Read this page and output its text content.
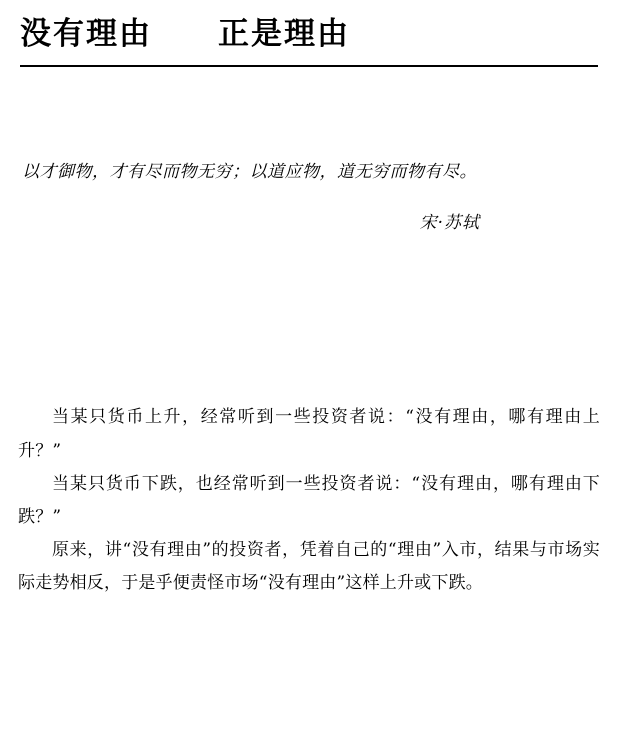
没有理由　　正是理由

以才御物，才有尽而物无穷；以道应物，道无穷而物有尽。

宋·苏轼

当某只货币上升，经常听到一些投资者说：“没有理由，哪有理由上升？”

当某只货币下跌，也经常听到一些投资者说：“没有理由，哪有理由下跌？”

原来，讲“没有理由”的投资者，凭着自己的“理由”入市，结果与市场实际走势相反，于是乎便责怪市场“没有理由”这样上升或下跌。
